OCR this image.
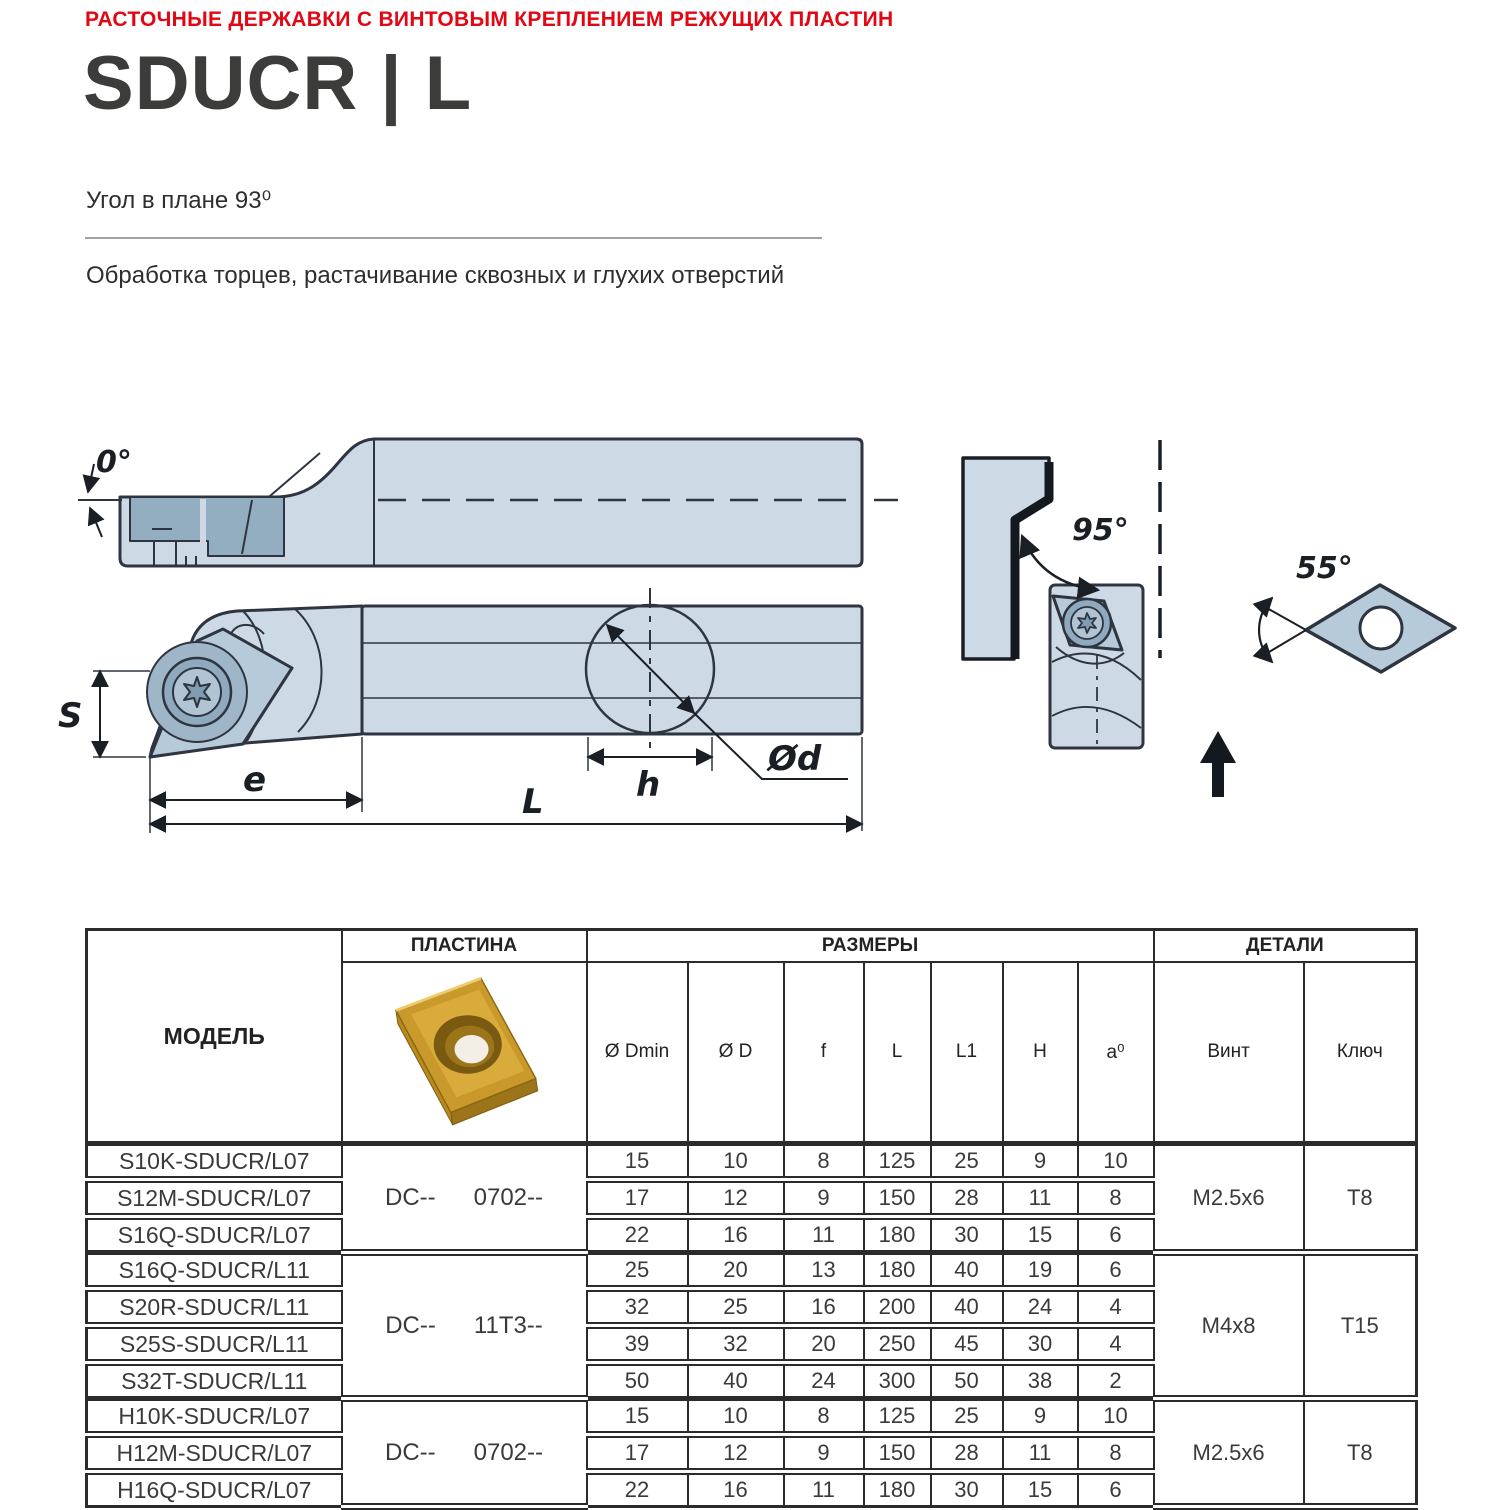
РАСТОЧНЫЕ ДЕРЖАВКИ С ВИНТОВЫМ КРЕПЛЕНИЕМ РЕЖУЩИХ ПЛАСТИН
SDUCR | L
Угол в плане 93⁰
Обработка торцев, растачивание сквозных и глухих отверстий
0°
S
e
L
Ød
h
95°
55°
МОДЕЛЬ	ПЛАСТИНА	РАЗМЕРЫ							ДЕТАЛИ	

		Ø Dmin	Ø D	f	L	L1	H	a⁰	Винт	Ключ
S10K-SDUCR/L07	DC-- 0702--	15	10	8	125	25	9	10	M2.5x6	T8
S12M-SDUCR/L07		17	12	9	150	28	11	8		
S16Q-SDUCR/L07		22	16	11	180	30	15	6		
S16Q-SDUCR/L11	DC-- 11T3--	25	20	13	180	40	19	6	M4x8	T15
S20R-SDUCR/L11		32	25	16	200	40	24	4		
S25S-SDUCR/L11		39	32	20	250	45	30	4		
S32T-SDUCR/L11		50	40	24	300	50	38	2		
H10K-SDUCR/L07	DC-- 0702--	15	10	8	125	25	9	10	M2.5x6	T8
H12M-SDUCR/L07		17	12	9	150	28	11	8		
H16Q-SDUCR/L07		22	16	11	180	30	15	6		
